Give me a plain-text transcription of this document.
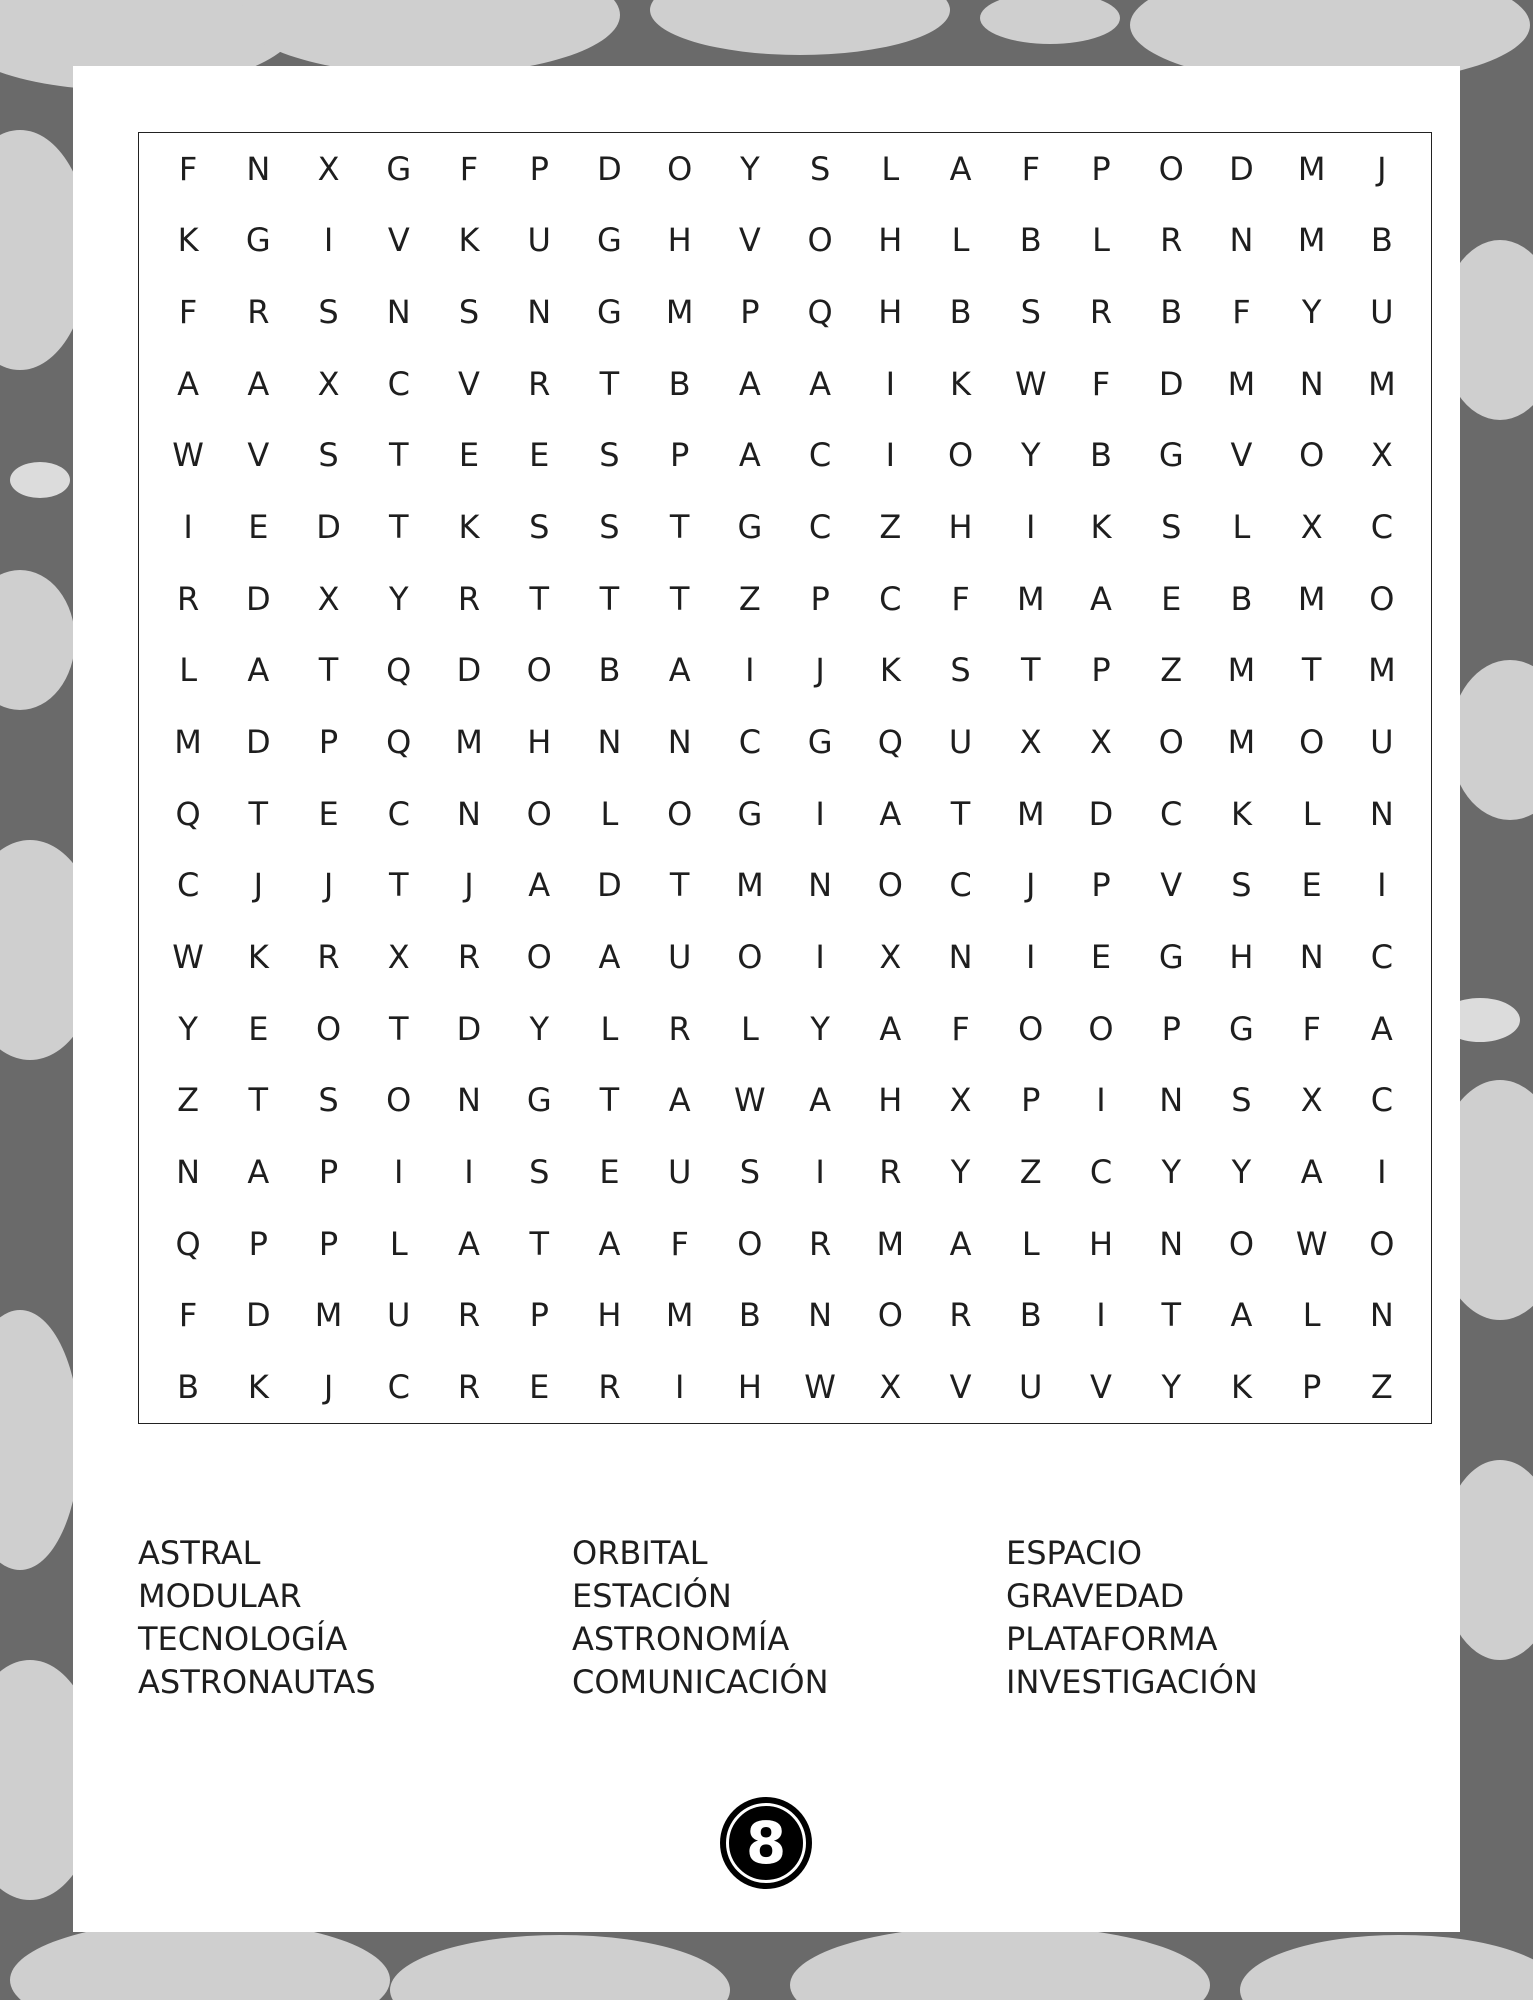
F	N	X	G	F	P	D	O	Y	S	L	A	F	P	O	D	M	J
K	G	I	V	K	U	G	H	V	O	H	L	B	L	R	N	M	B
F	R	S	N	S	N	G	M	P	Q	H	B	S	R	B	F	Y	U
A	A	X	C	V	R	T	B	A	A	I	K	W	F	D	M	N	M
W	V	S	T	E	E	S	P	A	C	I	O	Y	B	G	V	O	X
I	E	D	T	K	S	S	T	G	C	Z	H	I	K	S	L	X	C
R	D	X	Y	R	T	T	T	Z	P	C	F	M	A	E	B	M	O
L	A	T	Q	D	O	B	A	I	J	K	S	T	P	Z	M	T	M
M	D	P	Q	M	H	N	N	C	G	Q	U	X	X	O	M	O	U
Q	T	E	C	N	O	L	O	G	I	A	T	M	D	C	K	L	N
C	J	J	T	J	A	D	T	M	N	O	C	J	P	V	S	E	I
W	K	R	X	R	O	A	U	O	I	X	N	I	E	G	H	N	C
Y	E	O	T	D	Y	L	R	L	Y	A	F	O	O	P	G	F	A
Z	T	S	O	N	G	T	A	W	A	H	X	P	I	N	S	X	C
N	A	P	I	I	S	E	U	S	I	R	Y	Z	C	Y	Y	A	I
Q	P	P	L	A	T	A	F	O	R	M	A	L	H	N	O	W	O
F	D	M	U	R	P	H	M	B	N	O	R	B	I	T	A	L	N
B	K	J	C	R	E	R	I	H	W	X	V	U	V	Y	K	P	Z
ASTRAL
MODULAR
TECNOLOGÍA
ASTRONAUTAS
ORBITAL
ESTACIÓN
ASTRONOMÍA
COMUNICACIÓN
ESPACIO
GRAVEDAD
PLATAFORMA
INVESTIGACIÓN
8
